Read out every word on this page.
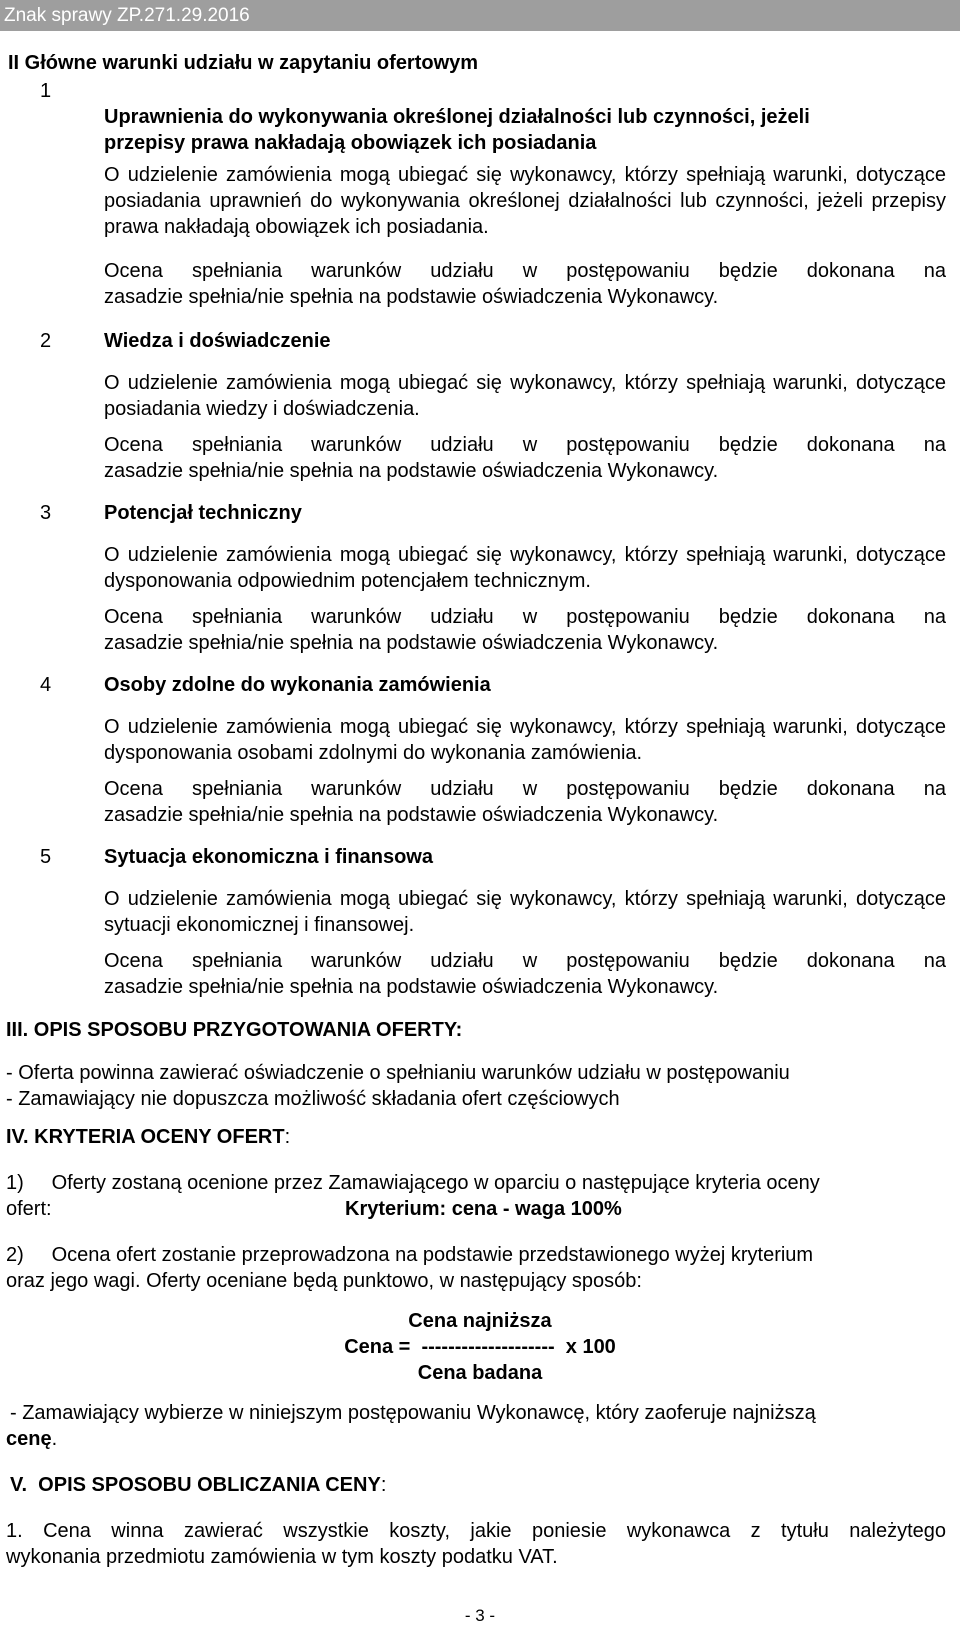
Znak sprawy ZP.271.29.2016
II Główne warunki udziału w zapytaniu ofertowym
1
Uprawnienia do wykonywania określonej działalności lub czynności, jeżeli
przepisy prawa nakładają obowiązek ich posiadania
O udzielenie zamówienia mogą ubiegać się wykonawcy, którzy spełniają warunki, dotyczące posiadania uprawnień do wykonywania określonej działalności lub czynności, jeżeli przepisy prawa nakładają obowiązek ich posiadania.
Ocena spełniania warunków udziału w postępowaniu będzie dokonana na
zasadzie spełnia/nie spełnia na podstawie oświadczenia Wykonawcy.
2	Wiedza i doświadczenie
O udzielenie zamówienia mogą ubiegać się wykonawcy, którzy spełniają warunki, dotyczące posiadania wiedzy i doświadczenia.
Ocena spełniania warunków udziału w postępowaniu będzie dokonana na
zasadzie spełnia/nie spełnia na podstawie oświadczenia Wykonawcy.
3	Potencjał techniczny
O udzielenie zamówienia mogą ubiegać się wykonawcy, którzy spełniają warunki, dotyczące dysponowania odpowiednim potencjałem technicznym.
Ocena spełniania warunków udziału w postępowaniu będzie dokonana na
zasadzie spełnia/nie spełnia na podstawie oświadczenia Wykonawcy.
4	Osoby zdolne do wykonania zamówienia
O udzielenie zamówienia mogą ubiegać się wykonawcy, którzy spełniają warunki, dotyczące dysponowania osobami zdolnymi do wykonania zamówienia.
Ocena spełniania warunków udziału w postępowaniu będzie dokonana na
zasadzie spełnia/nie spełnia na podstawie oświadczenia Wykonawcy.
5	Sytuacja ekonomiczna i finansowa
O udzielenie zamówienia mogą ubiegać się wykonawcy, którzy spełniają warunki, dotyczące sytuacji ekonomicznej i finansowej.
Ocena spełniania warunków udziału w postępowaniu będzie dokonana na
zasadzie spełnia/nie spełnia na podstawie oświadczenia Wykonawcy.
III. OPIS SPOSOBU PRZYGOTOWANIA OFERTY:
- Oferta powinna zawierać oświadczenie o spełnianiu warunków udziału w postępowaniu
- Zamawiający nie dopuszcza możliwość składania ofert częściowych
IV. KRYTERIA OCENY OFERT:
1)     Oferty zostaną ocenione przez Zamawiającego w oparciu o następujące kryteria oceny
ofert:	Kryterium: cena - waga 100%
2)     Ocena ofert zostanie przeprowadzona na podstawie przedstawionego wyżej kryterium
oraz jego wagi. Oferty oceniane będą punktowo, w następujący sposób:
Cena najniższa
Cena =  --------------------  x 100
Cena badana
- Zamawiający wybierze w niniejszym postępowaniu Wykonawcę, który zaoferuje najniższą
cenę.
V.  OPIS SPOSOBU OBLICZANIA CENY:
1. Cena winna zawierać wszystkie koszty, jakie poniesie wykonawca z tytułu należytego
wykonania przedmiotu zamówienia w tym koszty podatku VAT.
- 3 -
